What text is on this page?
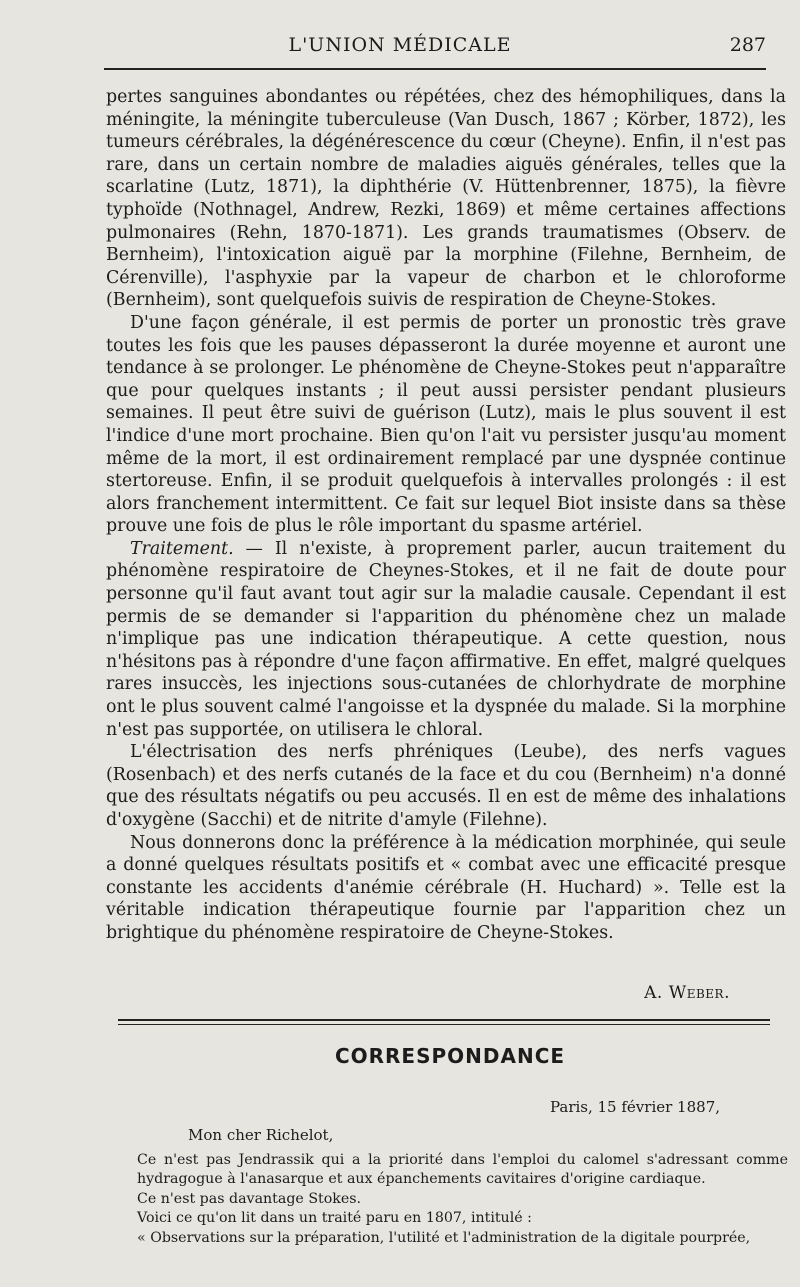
L'UNION MÉDICALE	287

pertes sanguines abondantes ou répétées, chez des hémophiliques, dans la méningite, la méningite tuberculeuse (Van Dusch, 1867 ; Körber, 1872), les tumeurs cérébrales, la dégénérescence du cœur (Cheyne). Enfin, il n'est pas rare, dans un certain nombre de maladies aiguës générales, telles que la scarlatine (Lutz, 1871), la diphthérie (V. Hüttenbrenner, 1875), la fièvre typhoïde (Nothnagel, Andrew, Rezki, 1869) et même certaines affections pulmonaires (Rehn, 1870-1871). Les grands traumatismes (Observ. de Bernheim), l'intoxication aiguë par la morphine (Filehne, Bernheim, de Cérenville), l'asphyxie par la vapeur de charbon et le chloroforme (Bernheim), sont quelquefois suivis de respiration de Cheyne-Stokes.

D'une façon générale, il est permis de porter un pronostic très grave toutes les fois que les pauses dépasseront la durée moyenne et auront une tendance à se prolonger. Le phénomène de Cheyne-Stokes peut n'apparaître que pour quelques instants ; il peut aussi persister pendant plusieurs semaines. Il peut être suivi de guérison (Lutz), mais le plus souvent il est l'indice d'une mort prochaine. Bien qu'on l'ait vu persister jusqu'au moment même de la mort, il est ordinairement remplacé par une dyspnée continue stertoreuse. Enfin, il se produit quelquefois à intervalles prolongés : il est alors franchement intermittent. Ce fait sur lequel Biot insiste dans sa thèse prouve une fois de plus le rôle important du spasme artériel.

Traitement. — Il n'existe, à proprement parler, aucun traitement du phénomène respiratoire de Cheynes-Stokes, et il ne fait de doute pour personne qu'il faut avant tout agir sur la maladie causale. Cependant il est permis de se demander si l'apparition du phénomène chez un malade n'implique pas une indication thérapeutique. A cette question, nous n'hésitons pas à répondre d'une façon affirmative. En effet, malgré quelques rares insuccès, les injections sous-cutanées de chlorhydrate de morphine ont le plus souvent calmé l'angoisse et la dyspnée du malade. Si la morphine n'est pas supportée, on utilisera le chloral.

L'électrisation des nerfs phréniques (Leube), des nerfs vagues (Rosenbach) et des nerfs cutanés de la face et du cou (Bernheim) n'a donné que des résultats négatifs ou peu accusés. Il en est de même des inhalations d'oxygène (Sacchi) et de nitrite d'amyle (Filehne).

Nous donnerons donc la préférence à la médication morphinée, qui seule a donné quelques résultats positifs et « combat avec une efficacité presque constante les accidents d'anémie cérébrale (H. Huchard) ». Telle est la véritable indication thérapeutique fournie par l'apparition chez un brightique du phénomène respiratoire de Cheyne-Stokes.

A. Weber.
CORRESPONDANCE
Paris, 15 février 1887,
Mon cher Richelot,

Ce n'est pas Jendrassik qui a la priorité dans l'emploi du calomel s'adressant comme hydragogue à l'anasarque et aux épanchements cavitaires d'origine cardiaque.

Ce n'est pas davantage Stokes.

Voici ce qu'on lit dans un traité paru en 1807, intitulé :

« Observations sur la préparation, l'utilité et l'administration de la digitale pourprée,
